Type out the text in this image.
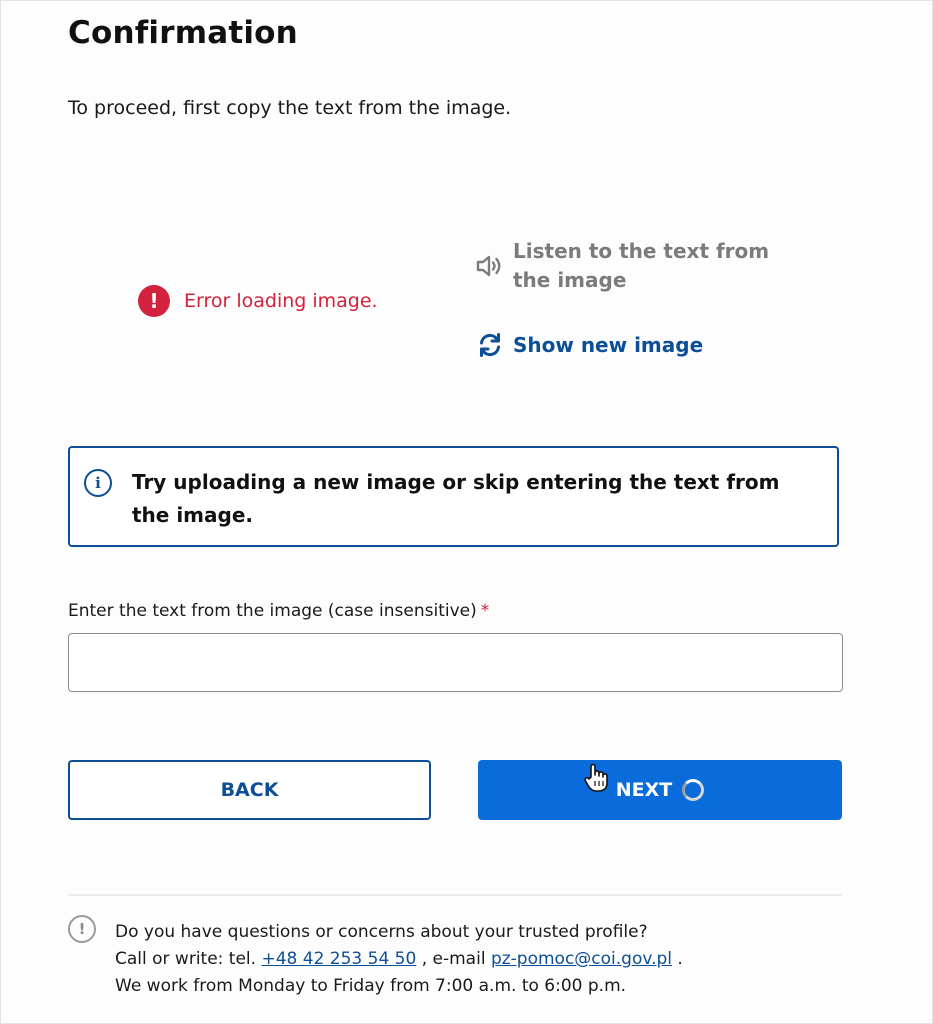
Confirmation
To proceed, first copy the text from the image.
!	Error loading image.
Listen to the text from the image
Show new image
i	Try uploading a new image or skip entering the text from the image.
Enter the text from the image (case insensitive) *
BACK	NEXT
!	Do you have questions or concerns about your trusted profile?
Call or write: tel. +48 42 253 54 50 , e-mail pz-pomoc@coi.gov.pl .
We work from Monday to Friday from 7:00 a.m. to 6:00 p.m.
